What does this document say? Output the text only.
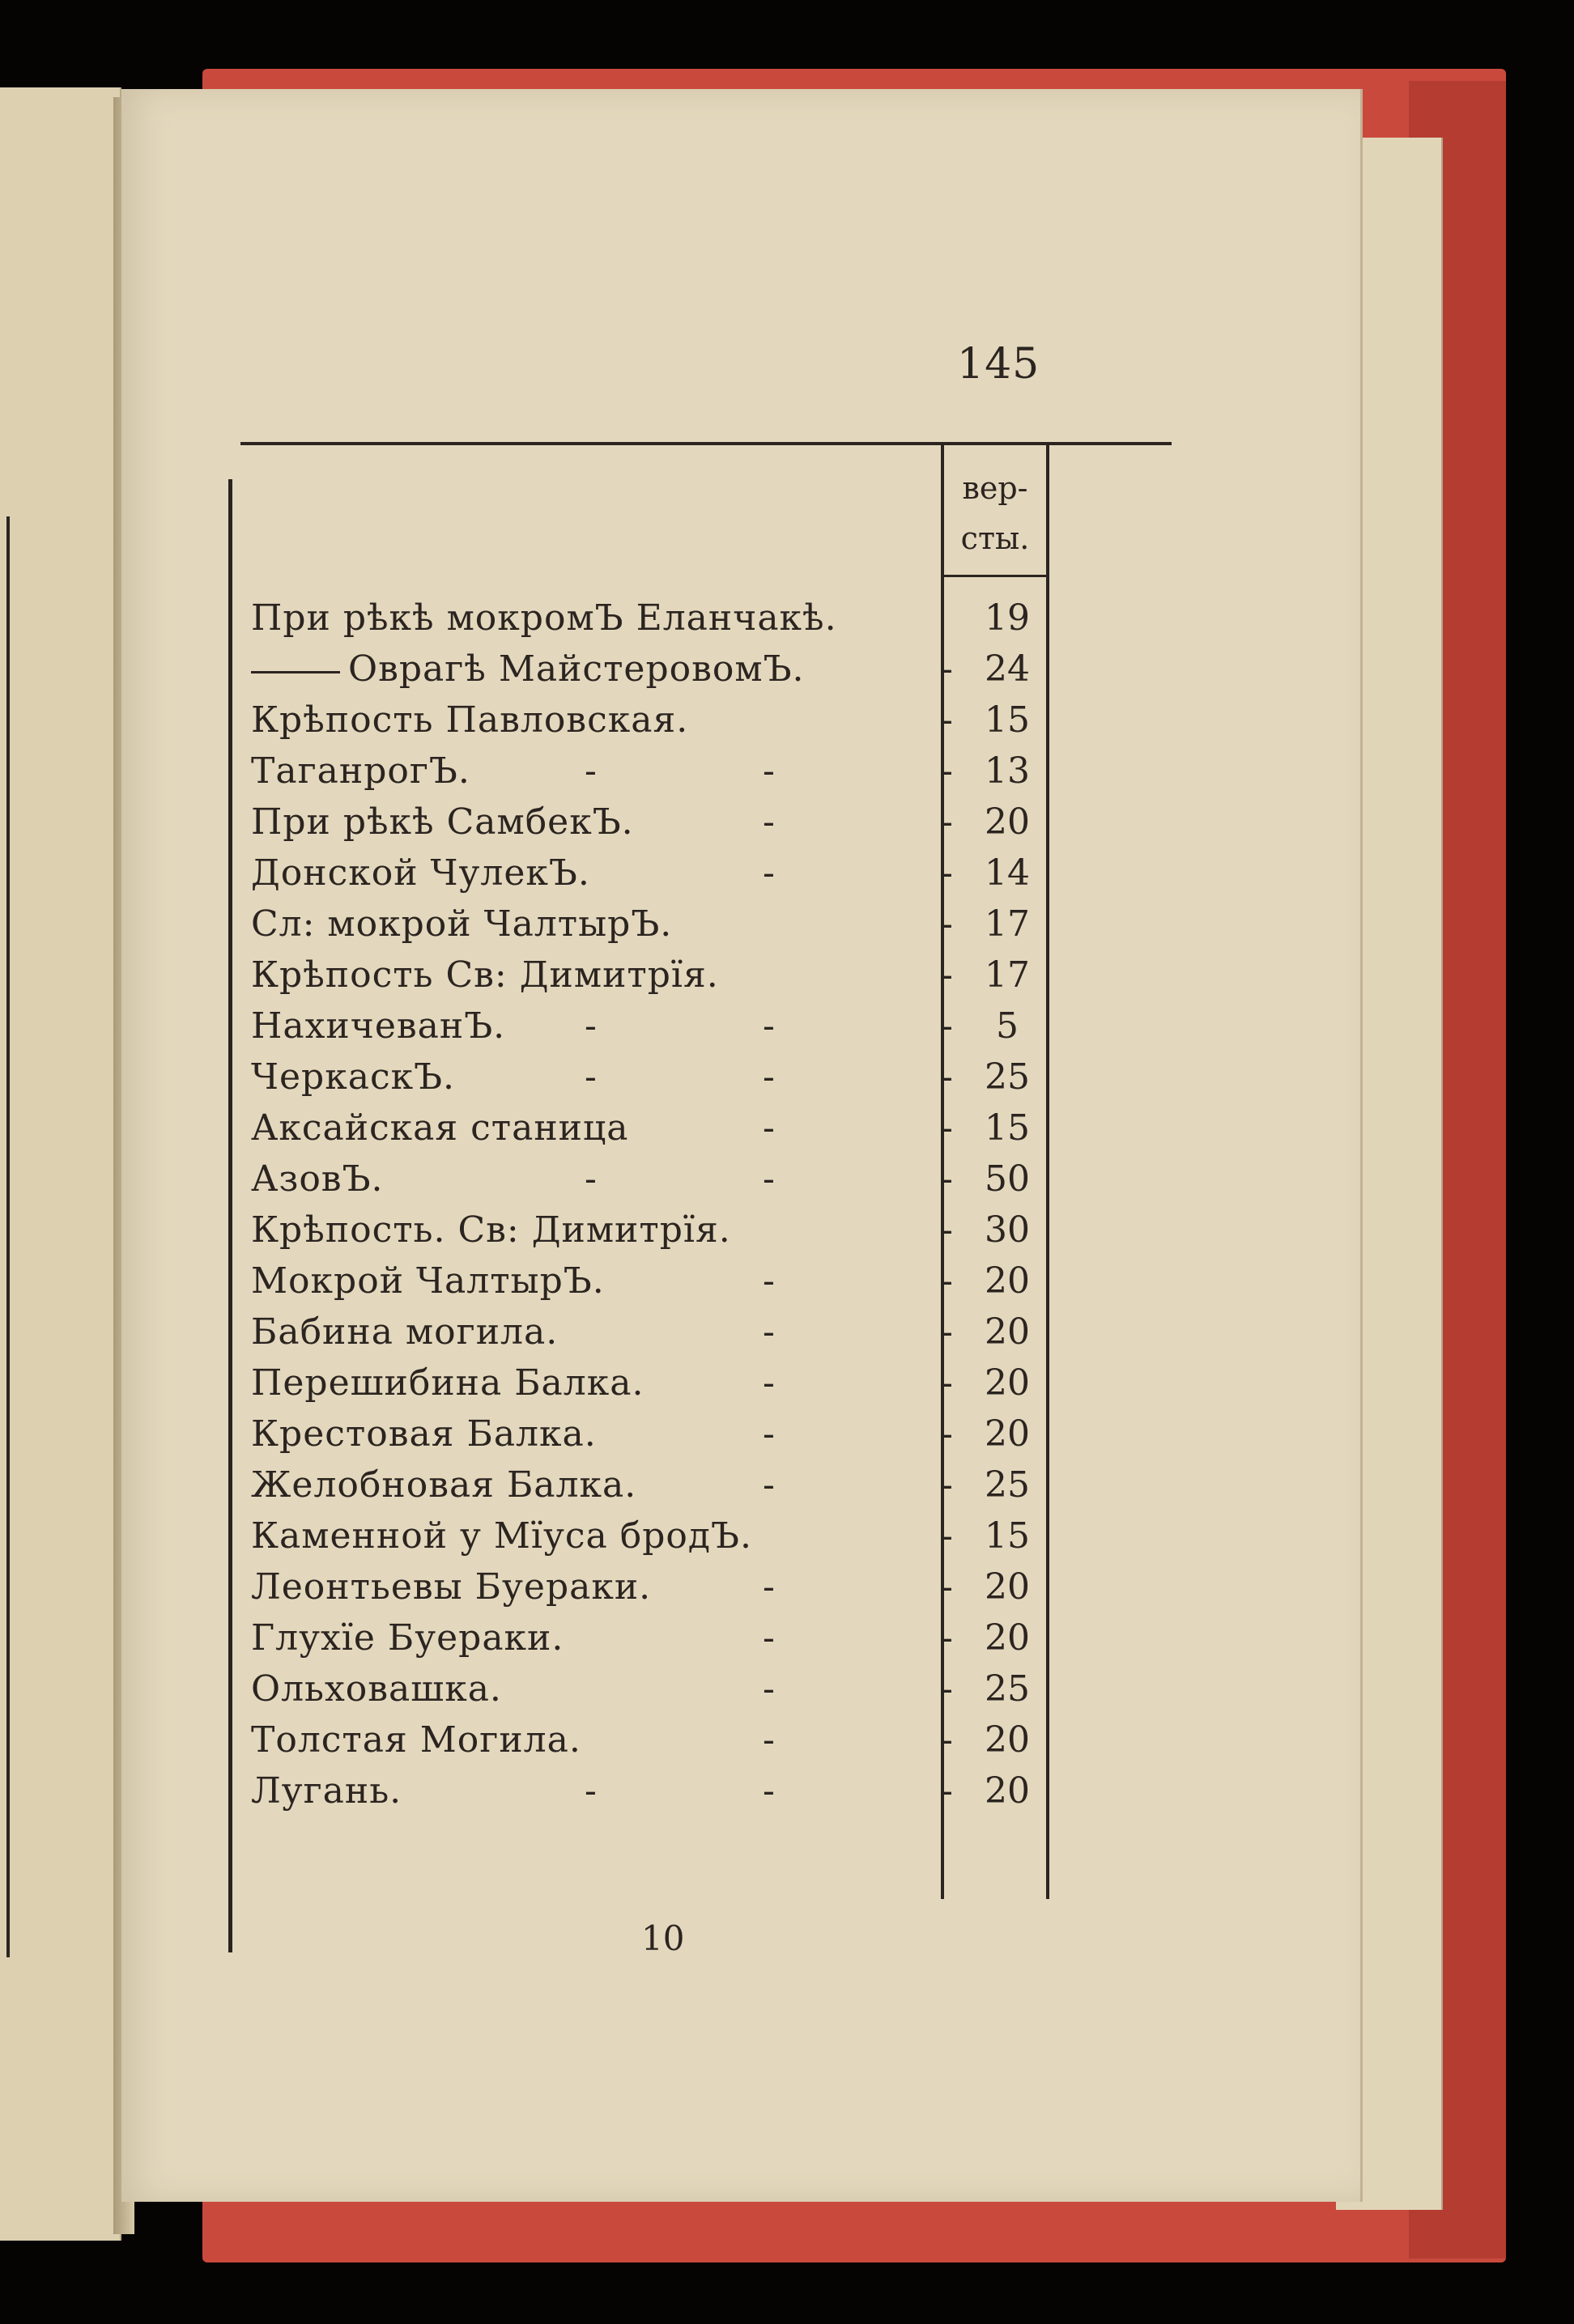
145
вер-
сты.
При рѣкѣ мокромЪ Еланчакѣ.	19
Оврагѣ МайстеровомЪ.	- 24
Крѣпость Павловская.	- 15
ТаганрогЪ.	-	-	- 13
При рѣкѣ СамбекЪ.	-	- 20
Донской ЧулекЪ.	-	- 14
Сл: мокрой ЧалтырЪ.	- 17
Крѣпость Св: Димитрїя.	- 17
НахичеванЪ. -	-	-	5
ЧеркаскЪ.	-	-	- 25
Аксайская станица	-	- 15
АзовЪ.	-	-	- 50
Крѣпость. Св: Димитрїя.	- 30
Мокрой ЧалтырЪ.	-	- 20
Бабина могила.	-	- 20
Перешибина Балка.	-	- 20
Крестовая Балка.	-	- 20
Желобновая Балка.	-	- 25
Каменной у Мїуса бродЪ.	- 15
Леонтьевы Буераки.	-	- 20
Глухїе Буераки.	-	- 20
Ольховашка.	-	- 25
Толстая Могила.	-	- 20
Лугань.	-	-	- 20
10
